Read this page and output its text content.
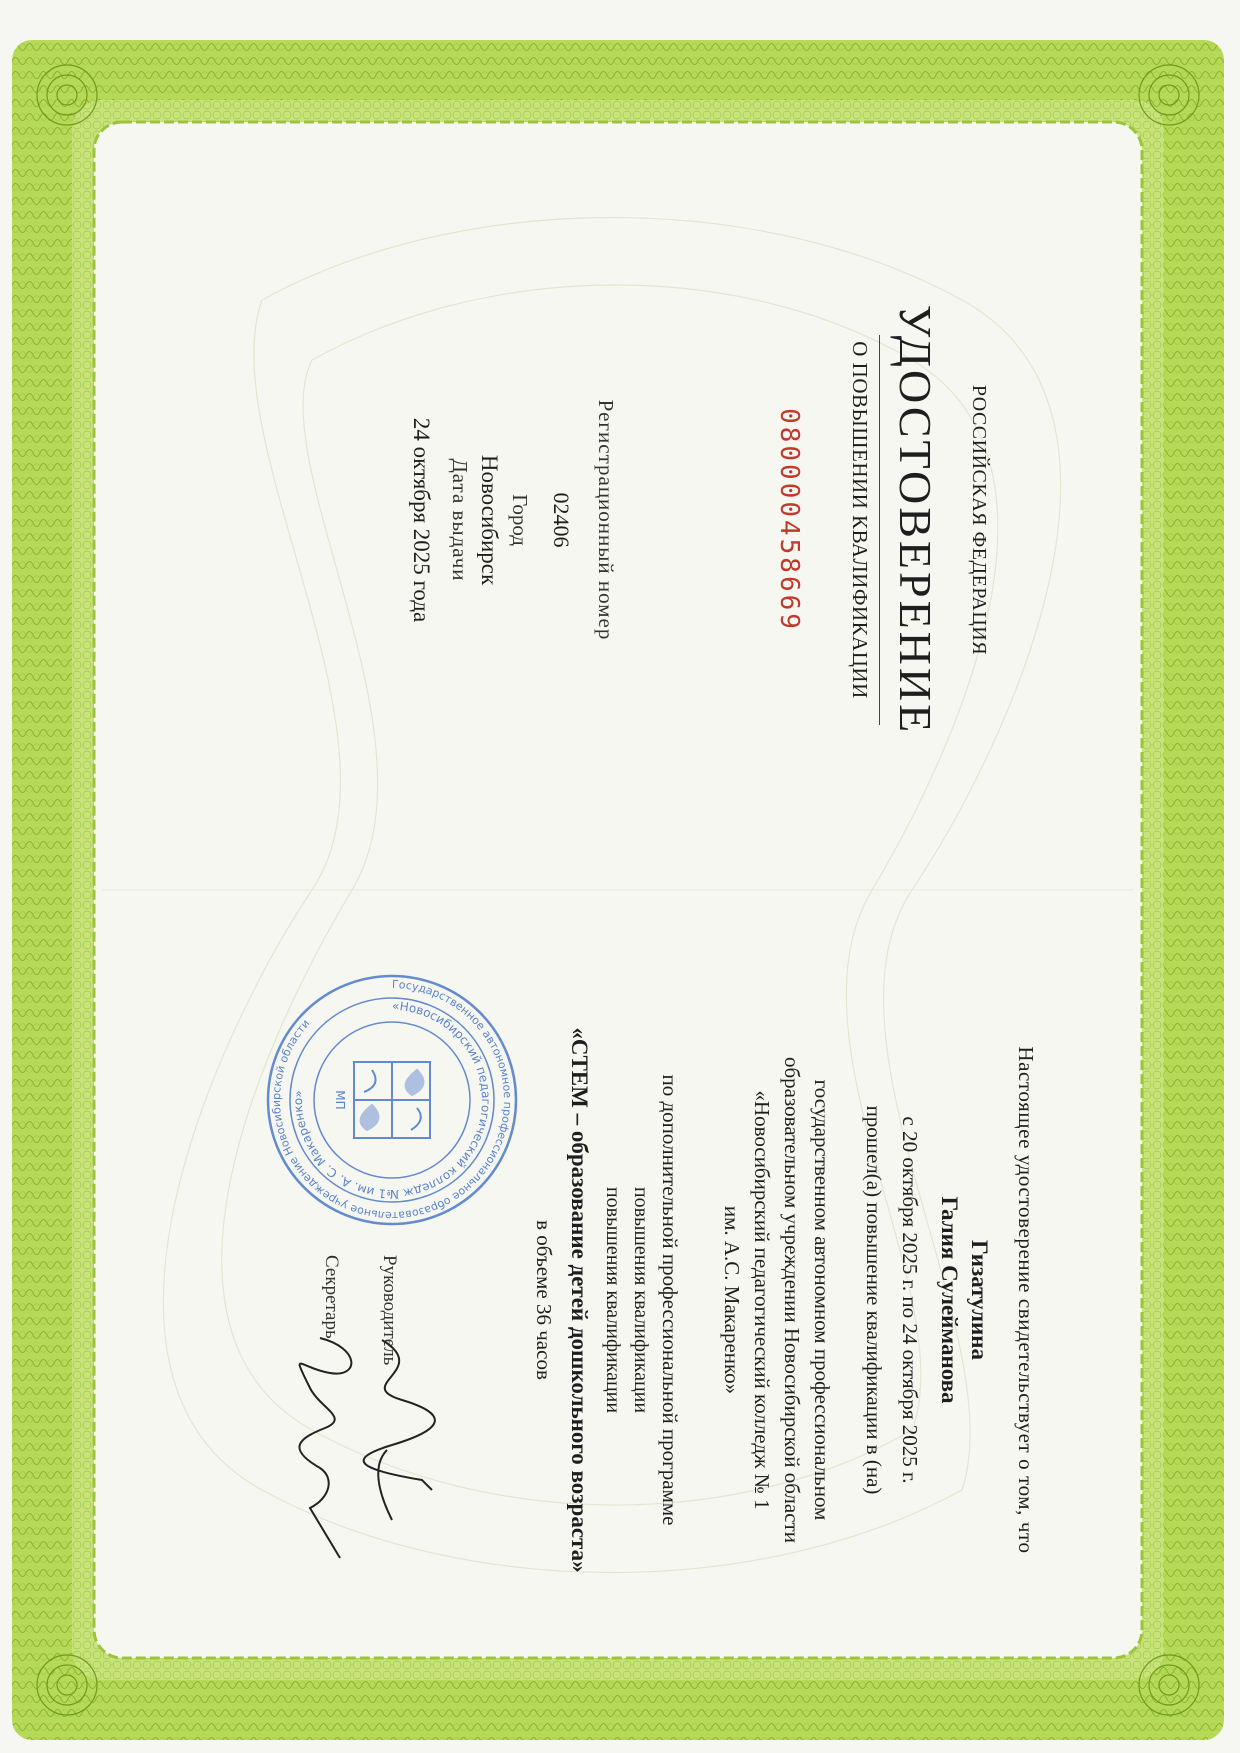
РОССИЙСКАЯ ФЕДЕРАЦИЯ
УДОСТОВЕРЕНИЕ
О ПОВЫШЕНИИ КВАЛИФИКАЦИИ
080000458669
Регистрационный номер
02406
Город
Новосибирск
Дата выдачи
24 октября 2025 года
Настоящее удостоверение свидетельствует о том, что
Гизатулина
Галия Сулейманова
с 20 октября 2025 г. по 24 октября 2025 г.
прошел(а) повышение квалификации в (на)
государственном автономном профессиональном
образовательном учреждении Новосибирской области
«Новосибирский педагогический колледж № 1
им. А.С. Макаренко»
по дополнительной профессиональной программе
повышения квалификации
повышения квалификации
«СТЕМ – образование детей дошкольного возраста»
в объеме 36 часов
Государственное автономное профессиональное образовательное учреждение Новосибирской области
«Новосибирский педагогический колледж №1 им. А. С. Макаренко»	МП
Руководитель
Секретарь
